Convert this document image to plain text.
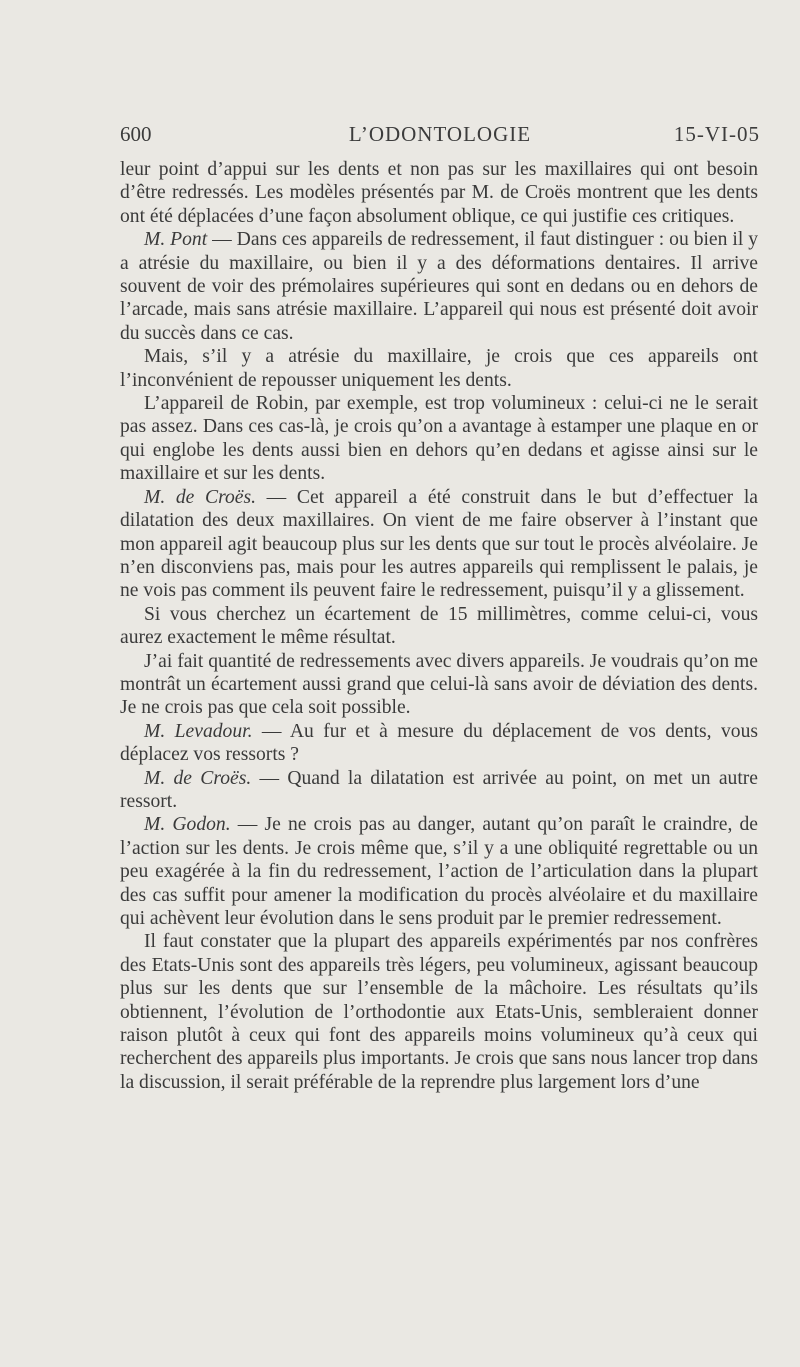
600	L’ODONTOLOGIE	15-VI-05

leur point d’appui sur les dents et non pas sur les maxillaires qui ont besoin d’être redressés. Les modèles présentés par M. de Croës montrent que les dents ont été déplacées d’une façon absolument oblique, ce qui justifie ces critiques.

M. Pont — Dans ces appareils de redressement, il faut distinguer : ou bien il y a atrésie du maxillaire, ou bien il y a des déformations dentaires. Il arrive souvent de voir des prémolaires supérieures qui sont en dedans ou en dehors de l’arcade, mais sans atrésie maxillaire. L’appareil qui nous est présenté doit avoir du succès dans ce cas.

Mais, s’il y a atrésie du maxillaire, je crois que ces appareils ont l’inconvénient de repousser uniquement les dents.

L’appareil de Robin, par exemple, est trop volumineux : celui-ci ne le serait pas assez. Dans ces cas-là, je crois qu’on a avantage à estamper une plaque en or qui englobe les dents aussi bien en dehors qu’en dedans et agisse ainsi sur le maxillaire et sur les dents.

M. de Croës. — Cet appareil a été construit dans le but d’effectuer la dilatation des deux maxillaires. On vient de me faire observer à l’instant que mon appareil agit beaucoup plus sur les dents que sur tout le procès alvéolaire. Je n’en disconviens pas, mais pour les autres appareils qui remplissent le palais, je ne vois pas comment ils peuvent faire le redressement, puisqu’il y a glissement.

Si vous cherchez un écartement de 15 millimètres, comme celui-ci, vous aurez exactement le même résultat.

J’ai fait quantité de redressements avec divers appareils. Je voudrais qu’on me montrât un écartement aussi grand que celui-là sans avoir de déviation des dents. Je ne crois pas que cela soit possible.

M. Levadour. — Au fur et à mesure du déplacement de vos dents, vous déplacez vos ressorts ?

M. de Croës. — Quand la dilatation est arrivée au point, on met un autre ressort.

M. Godon. — Je ne crois pas au danger, autant qu’on paraît le craindre, de l’action sur les dents. Je crois même que, s’il y a une obliquité regrettable ou un peu exagérée à la fin du redressement, l’action de l’articulation dans la plupart des cas suffit pour amener la modification du procès alvéolaire et du maxillaire qui achèvent leur évolution dans le sens produit par le premier redressement.

Il faut constater que la plupart des appareils expérimentés par nos confrères des Etats-Unis sont des appareils très légers, peu volumineux, agissant beaucoup plus sur les dents que sur l’ensemble de la mâchoire. Les résultats qu’ils obtiennent, l’évolution de l’orthodontie aux Etats-Unis, sembleraient donner raison plutôt à ceux qui font des appareils moins volumineux qu’à ceux qui recherchent des appareils plus importants. Je crois que sans nous lancer trop dans la discussion, il serait préférable de la reprendre plus largement lors d’une
